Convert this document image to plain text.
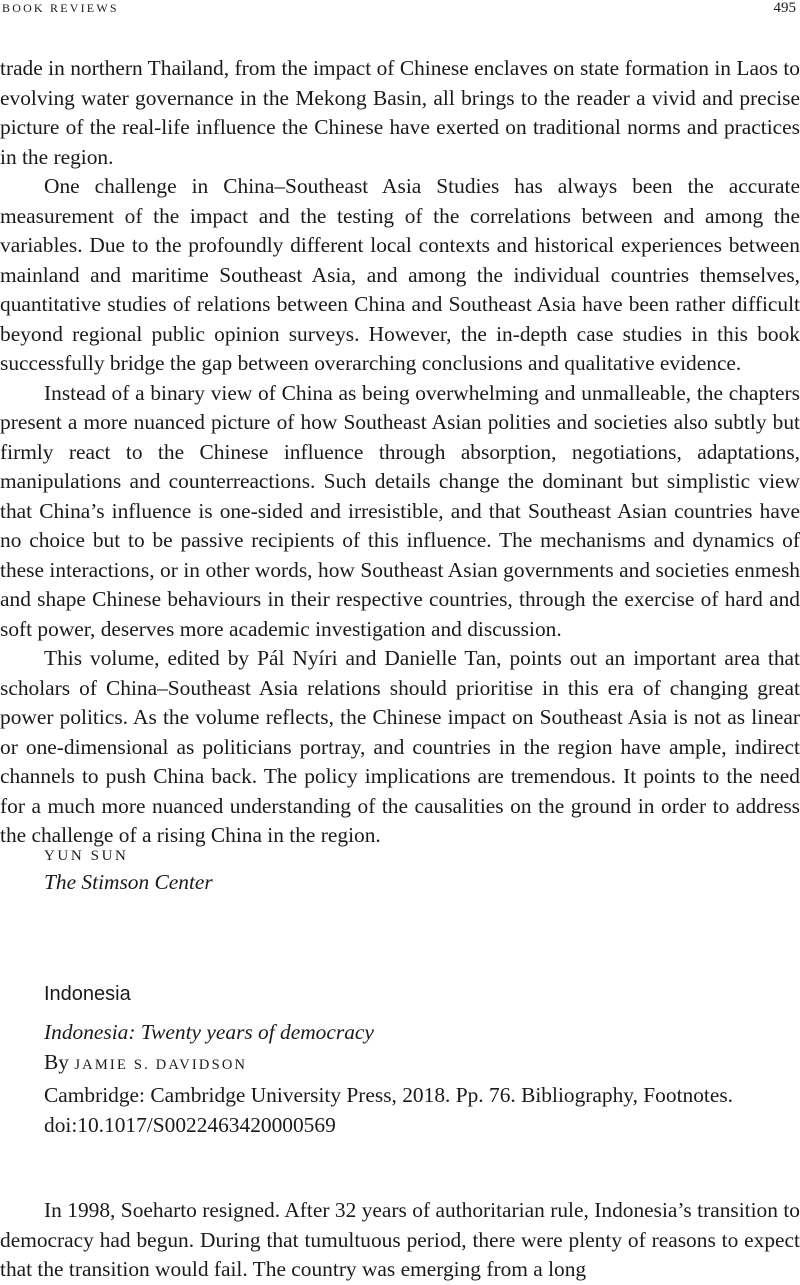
BOOK REVIEWS	495

trade in northern Thailand, from the impact of Chinese enclaves on state formation in Laos to evolving water governance in the Mekong Basin, all brings to the reader a vivid and precise picture of the real-life influence the Chinese have exerted on traditional norms and practices in the region.

One challenge in China–Southeast Asia Studies has always been the accurate measurement of the impact and the testing of the correlations between and among the variables. Due to the profoundly different local contexts and historical experiences between mainland and maritime Southeast Asia, and among the individual countries themselves, quantitative studies of relations between China and Southeast Asia have been rather difficult beyond regional public opinion surveys. However, the in-depth case studies in this book successfully bridge the gap between overarching conclusions and qualitative evidence.

Instead of a binary view of China as being overwhelming and unmalleable, the chapters present a more nuanced picture of how Southeast Asian polities and societies also subtly but firmly react to the Chinese influence through absorption, negotiations, adaptations, manipulations and counterreactions. Such details change the dominant but simplistic view that China’s influence is one-sided and irresistible, and that Southeast Asian countries have no choice but to be passive recipients of this influence. The mechanisms and dynamics of these interactions, or in other words, how Southeast Asian governments and societies enmesh and shape Chinese behaviours in their respective countries, through the exercise of hard and soft power, deserves more academic investigation and discussion.

This volume, edited by Pál Nyíri and Danielle Tan, points out an important area that scholars of China–Southeast Asia relations should prioritise in this era of changing great power politics. As the volume reflects, the Chinese impact on Southeast Asia is not as linear or one-dimensional as politicians portray, and countries in the region have ample, indirect channels to push China back. The policy implications are tremendous. It points to the need for a much more nuanced understanding of the causalities on the ground in order to address the challenge of a rising China in the region.

YUN SUN
The Stimson Center
Indonesia
Indonesia: Twenty years of democracy
By JAMIE S. DAVIDSON
Cambridge: Cambridge University Press, 2018. Pp. 76. Bibliography, Footnotes.
doi:10.1017/S0022463420000569

In 1998, Soeharto resigned. After 32 years of authoritarian rule, Indonesia’s transition to democracy had begun. During that tumultuous period, there were plenty of reasons to expect that the transition would fail. The country was emerging from a long
